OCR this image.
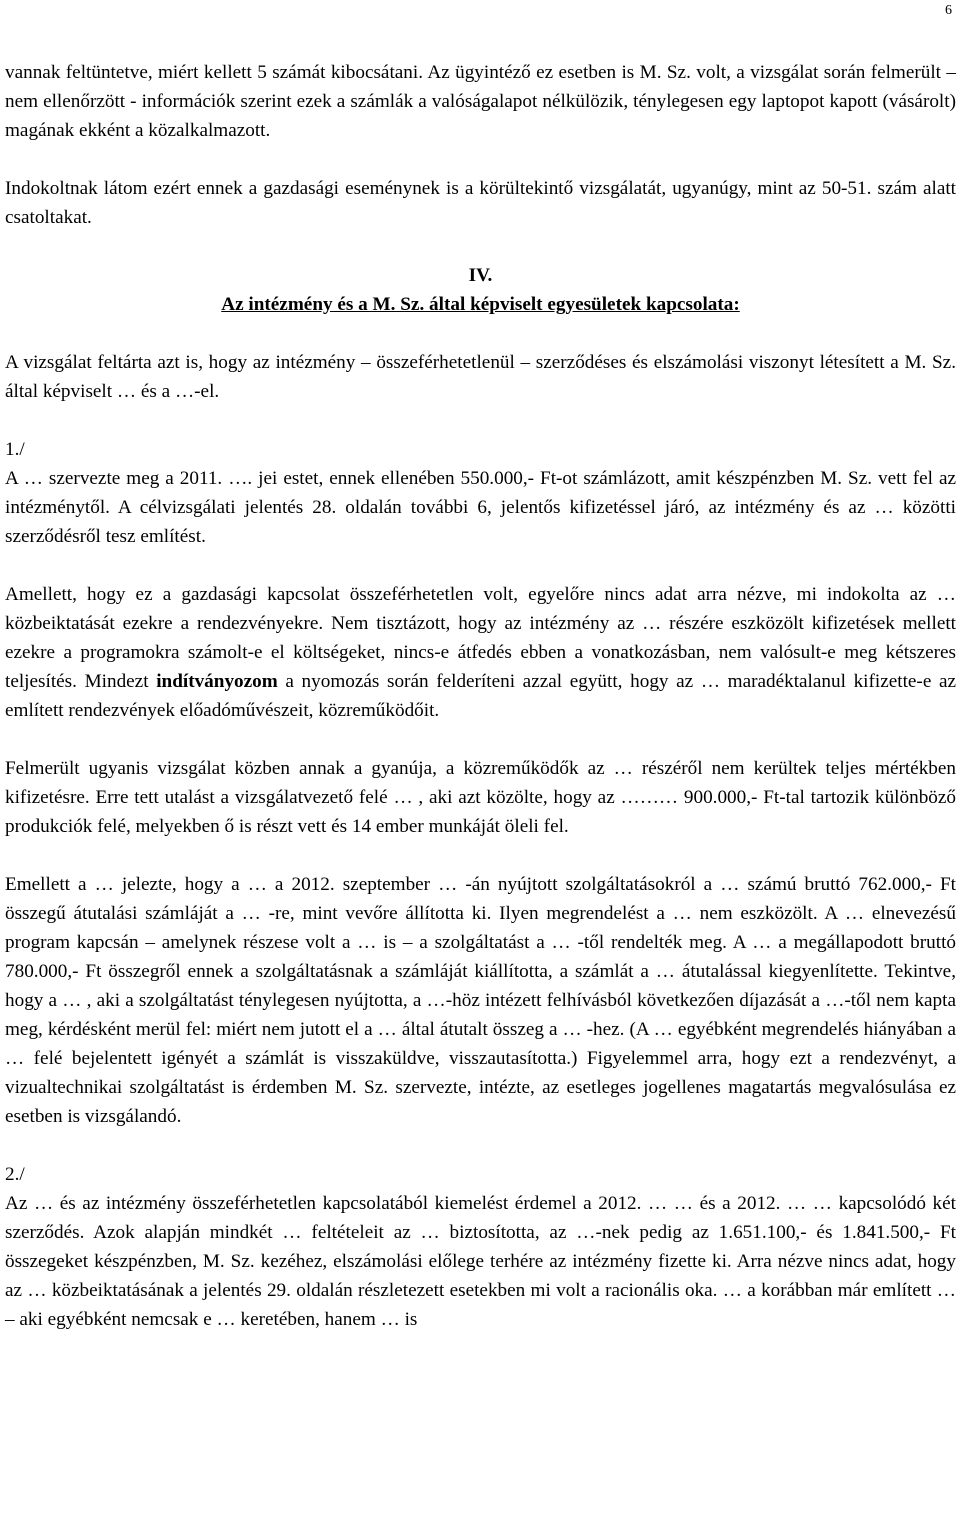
6

vannak feltüntetve, miért kellett 5 számát kibocsátani. Az ügyintéző ez esetben is M. Sz. volt, a vizsgálat során felmerült – nem ellenőrzött - információk szerint ezek a számlák a valóságalapot nélkülözik, ténylegesen egy laptopot kapott (vásárolt) magának ekként a közalkalmazott.

Indokoltnak látom ezért ennek a gazdasági eseménynek is a körültekintő vizsgálatát, ugyanúgy, mint az 50-51. szám alatt csatoltakat.

IV.

Az intézmény és a M. Sz. által képviselt egyesületek kapcsolata:

A vizsgálat feltárta azt is, hogy az intézmény – összeférhetetlenül – szerződéses és elszámolási viszonyt létesített a M. Sz. által képviselt … és a …-el.

1./

A … szervezte meg a 2011. …. jei estet, ennek ellenében 550.000,- Ft-ot számlázott, amit készpénzben M. Sz. vett fel az intézménytől. A célvizsgálati jelentés 28. oldalán további 6, jelentős kifizetéssel járó, az intézmény és az … közötti szerződésről tesz említést.

Amellett, hogy ez a gazdasági kapcsolat összeférhetetlen volt, egyelőre nincs adat arra nézve, mi indokolta az … közbeiktatását ezekre a rendezvényekre. Nem tisztázott, hogy az intézmény az … részére eszközölt kifizetések mellett ezekre a programokra számolt-e el költségeket, nincs-e átfedés ebben a vonatkozásban, nem valósult-e meg kétszeres teljesítés. Mindezt indítványozom a nyomozás során felderíteni azzal együtt, hogy az … maradéktalanul kifizette-e az említett rendezvények előadóművészeit, közreműködőit.

Felmerült ugyanis vizsgálat közben annak a gyanúja, a közreműködők az … részéről nem kerültek teljes mértékben kifizetésre. Erre tett utalást a vizsgálatvezető felé … , aki azt közölte, hogy az ……… 900.000,- Ft-tal tartozik különböző produkciók felé, melyekben ő is részt vett és 14 ember munkáját öleli fel.

Emellett a … jelezte, hogy a … a 2012. szeptember … -án nyújtott szolgáltatásokról a … számú bruttó 762.000,- Ft összegű átutalási számláját a … -re, mint vevőre állította ki. Ilyen megrendelést a … nem eszközölt. A … elnevezésű program kapcsán – amelynek részese volt a … is – a szolgáltatást a … -től rendelték meg. A … a megállapodott bruttó 780.000,- Ft összegről ennek a szolgáltatásnak a számláját kiállította, a számlát a … átutalással kiegyenlítette. Tekintve, hogy a … , aki a szolgáltatást ténylegesen nyújtotta, a …-höz intézett felhívásból következően díjazását a …-től nem kapta meg, kérdésként merül fel: miért nem jutott el a … által átutalt összeg a … -hez. (A … egyébként megrendelés hiányában a … felé bejelentett igényét a számlát is visszaküldve, visszautasította.) Figyelemmel arra, hogy ezt a rendezvényt, a vizualtechnikai szolgáltatást is érdemben M. Sz. szervezte, intézte, az esetleges jogellenes magatartás megvalósulása ez esetben is vizsgálandó.

2./

Az … és az intézmény összeférhetetlen kapcsolatából kiemelést érdemel a 2012. … … és a 2012. … … kapcsolódó két szerződés. Azok alapján mindkét … feltételeit az … biztosította, az …-nek pedig az 1.651.100,- és 1.841.500,- Ft összegeket készpénzben, M. Sz. kezéhez, elszámolási előlege terhére az intézmény fizette ki. Arra nézve nincs adat, hogy az … közbeiktatásának a jelentés 29. oldalán részletezett esetekben mi volt a racionális oka. … a korábban már említett … – aki egyébként nemcsak e … keretében, hanem … is
